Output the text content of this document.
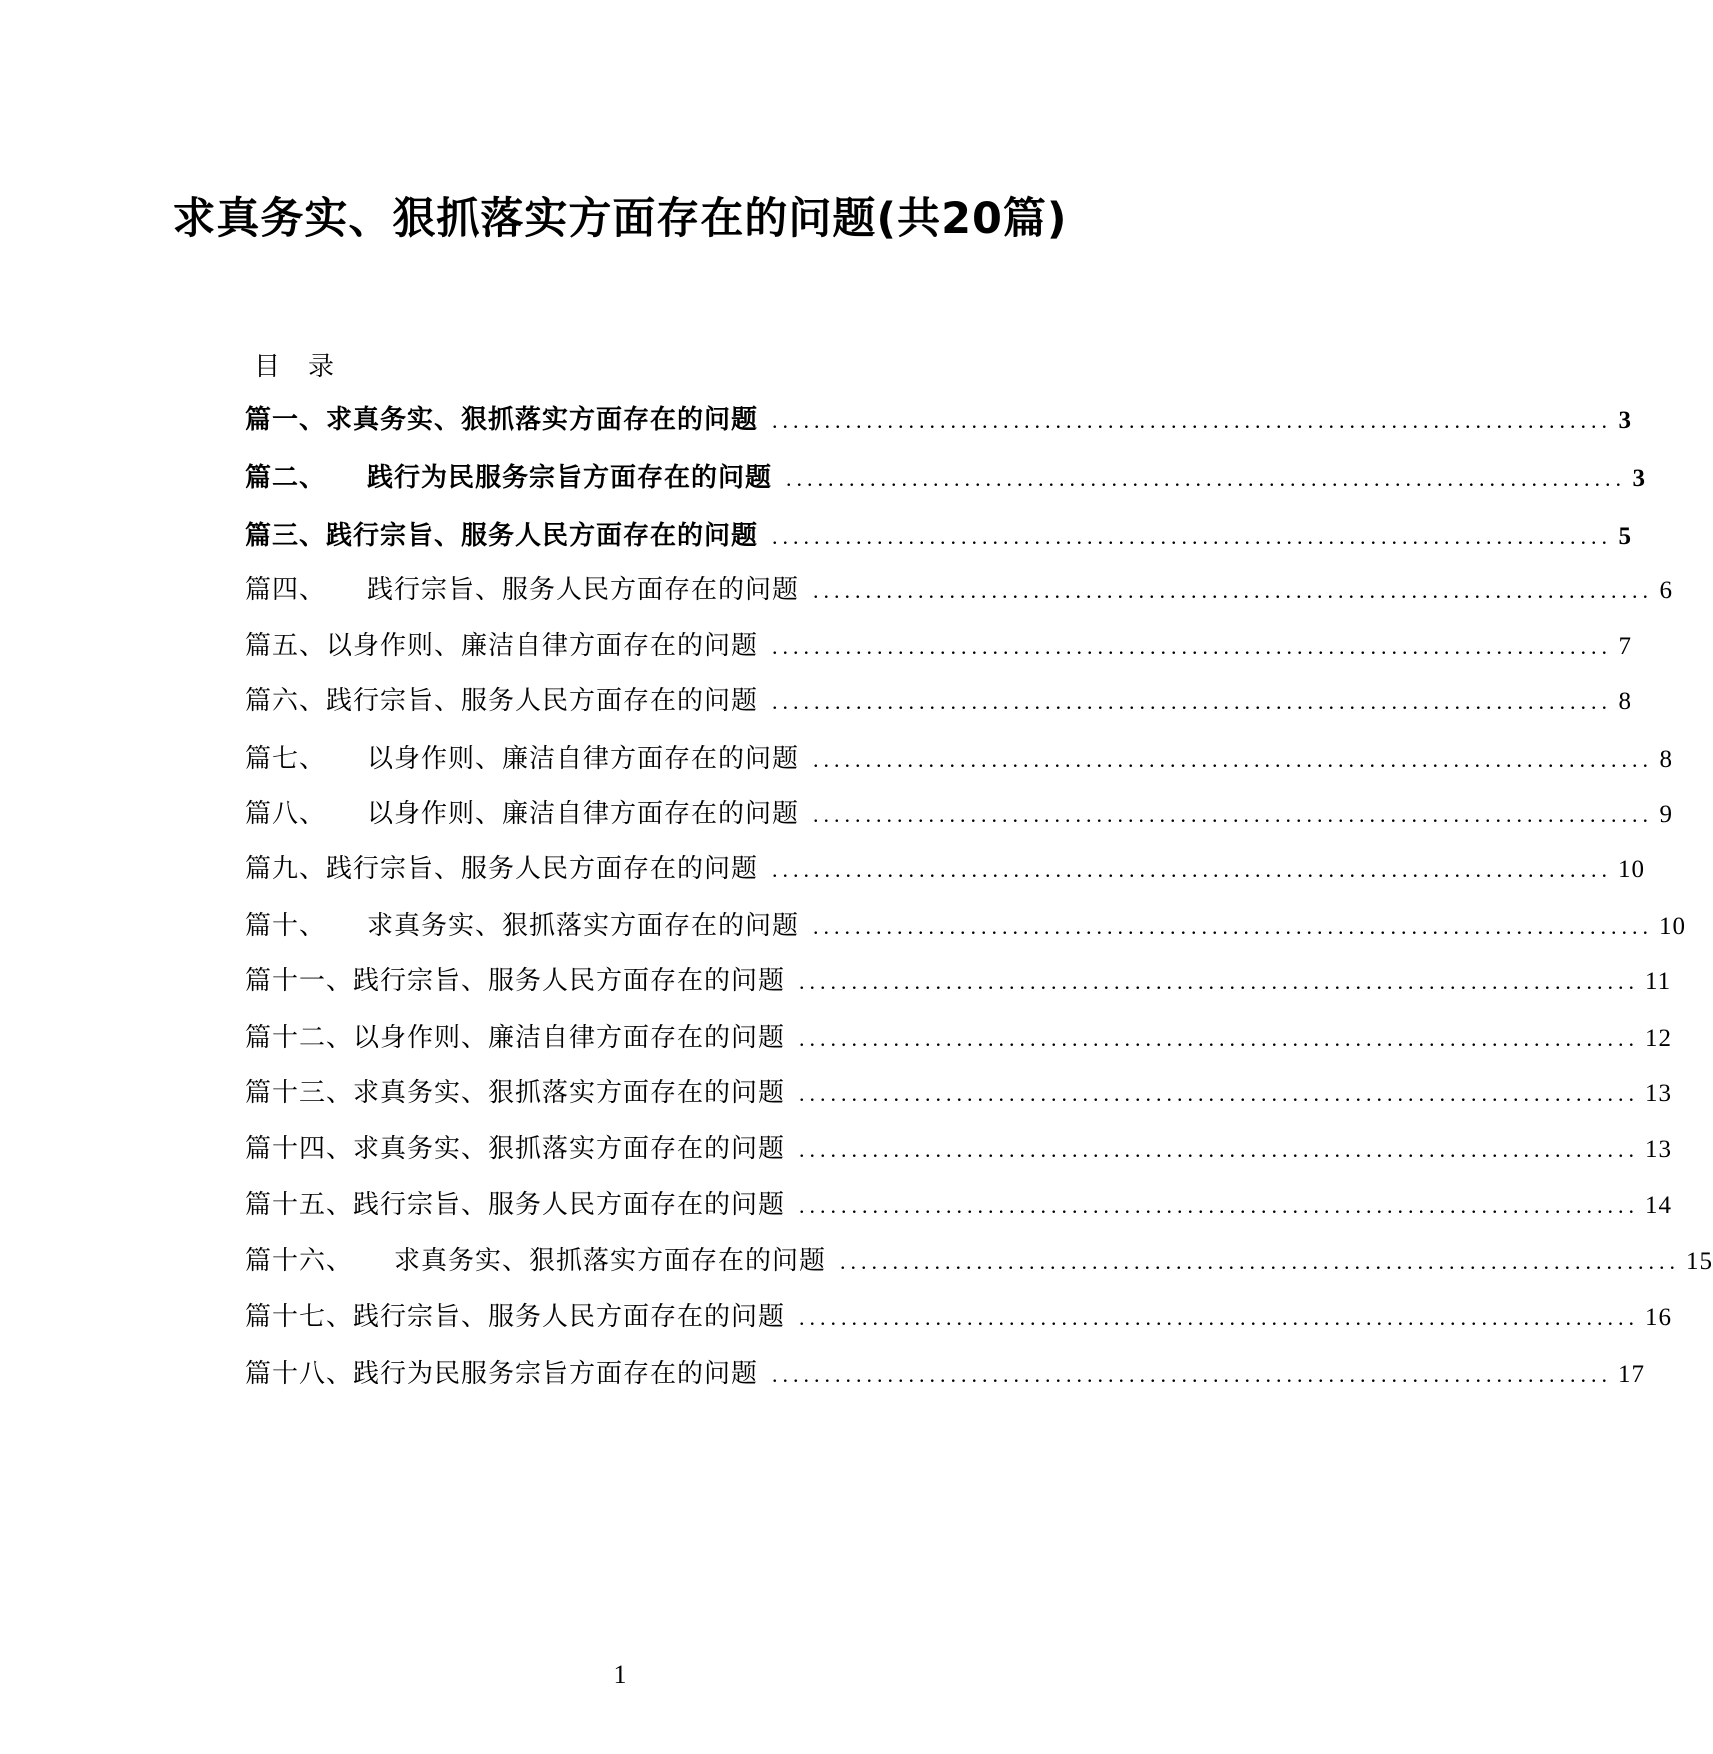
求真务实、狠抓落实方面存在的问题(共20篇)
目录
篇一、求真务实、狠抓落实方面存在的问题 ................................................................................ 3
篇二、　　践行为民服务宗旨方面存在的问题 ................................................................................ 3
篇三、践行宗旨、服务人民方面存在的问题 ................................................................................ 5
篇四、　　践行宗旨、服务人民方面存在的问题 ................................................................................ 6
篇五、以身作则、廉洁自律方面存在的问题 ................................................................................ 7
篇六、践行宗旨、服务人民方面存在的问题 ................................................................................ 8
篇七、　　以身作则、廉洁自律方面存在的问题 ................................................................................ 8
篇八、　　以身作则、廉洁自律方面存在的问题 ................................................................................ 9
篇九、践行宗旨、服务人民方面存在的问题 ................................................................................ 10
篇十、　　求真务实、狠抓落实方面存在的问题 ................................................................................ 10
篇十一、践行宗旨、服务人民方面存在的问题 ................................................................................ 11
篇十二、以身作则、廉洁自律方面存在的问题 ................................................................................ 12
篇十三、求真务实、狠抓落实方面存在的问题 ................................................................................ 13
篇十四、求真务实、狠抓落实方面存在的问题 ................................................................................ 13
篇十五、践行宗旨、服务人民方面存在的问题 ................................................................................ 14
篇十六、　　求真务实、狠抓落实方面存在的问题 ................................................................................ 15
篇十七、践行宗旨、服务人民方面存在的问题 ................................................................................ 16
篇十八、践行为民服务宗旨方面存在的问题 ................................................................................ 17
1
